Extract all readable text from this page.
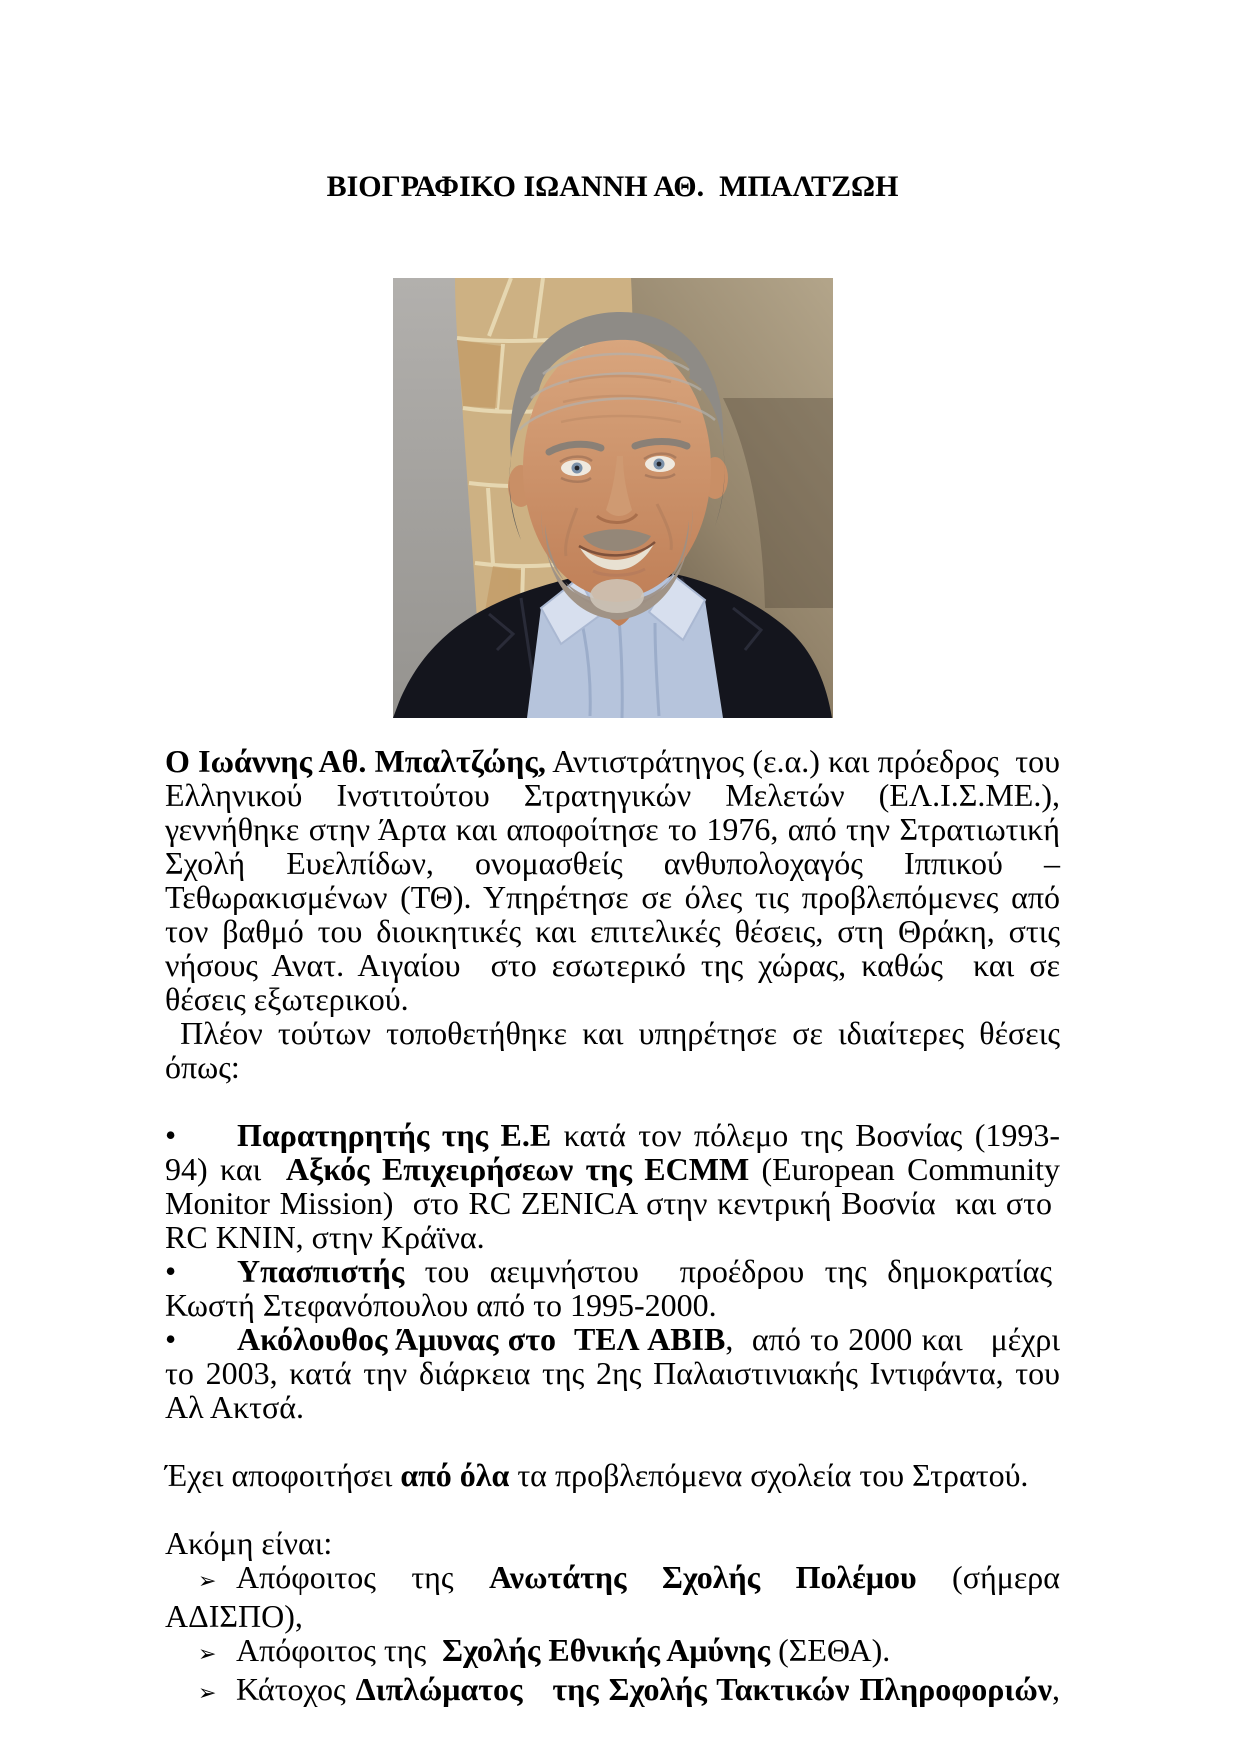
ΒΙΟΓΡΑΦΙΚΟ ΙΩΑΝΝΗ ΑΘ.  ΜΠΑΛΤΖΩΗ

Ο Ιωάννης Αθ. Μπαλτζώης, Αντιστράτηγος (ε.α.) και πρόεδρος  του Ελληνικού Ινστιτούτου Στρατηγικών Μελετών (ΕΛ.Ι.Σ.ΜΕ.), γεννήθηκε στην Άρτα και αποφοίτησε το 1976, από την Στρατιωτική Σχολή Ευελπίδων, ονομασθείς ανθυπολοχαγός Ιππικού – Τεθωρακισμένων (ΤΘ). Υπηρέτησε σε όλες τις προβλεπόμενες από τον βαθμό του διοικητικές και επιτελικές θέσεις, στη Θράκη, στις νήσους Ανατ. Αιγαίου  στο εσωτερικό της χώρας, καθώς  και σε θέσεις εξωτερικού.

Πλέον τούτων τοποθετήθηκε και υπηρέτησε σε ιδιαίτερες θέσεις όπως:

• Παρατηρητής της Ε.Ε κατά τον πόλεμο της Βοσνίας (1993-94) και  Αξκός Επιχειρήσεων της ECMM (European Community Monitor Mission)  στο RC ZENICA στην κεντρική Βοσνία  και στο  RC KNIN, στην Κράϊνα.

• Υπασπιστής του αειμνήστου  προέδρου της δημοκρατίας  Κωστή Στεφανόπουλου από το 1995-2000.

• Ακόλουθος Άμυνας στο  ΤΕΛ ΑΒΙΒ,  από το 2000 και   μέχρι το 2003, κατά την διάρκεια της 2ης Παλαιστινιακής Ιντιφάντα, του Αλ Ακτσά.

Έχει αποφοιτήσει από όλα τα προβλεπόμενα σχολεία του Στρατού.

Ακόμη είναι:

➢ Απόφοιτος της Ανωτάτης Σχολής Πολέμου (σήμερα ΑΔΙΣΠΟ),

➢ Απόφοιτος της  Σχολής Εθνικής Αμύνης (ΣΕΘΑ).

➢ Κάτοχος Διπλώματος   της Σχολής Τακτικών Πληροφοριών,
